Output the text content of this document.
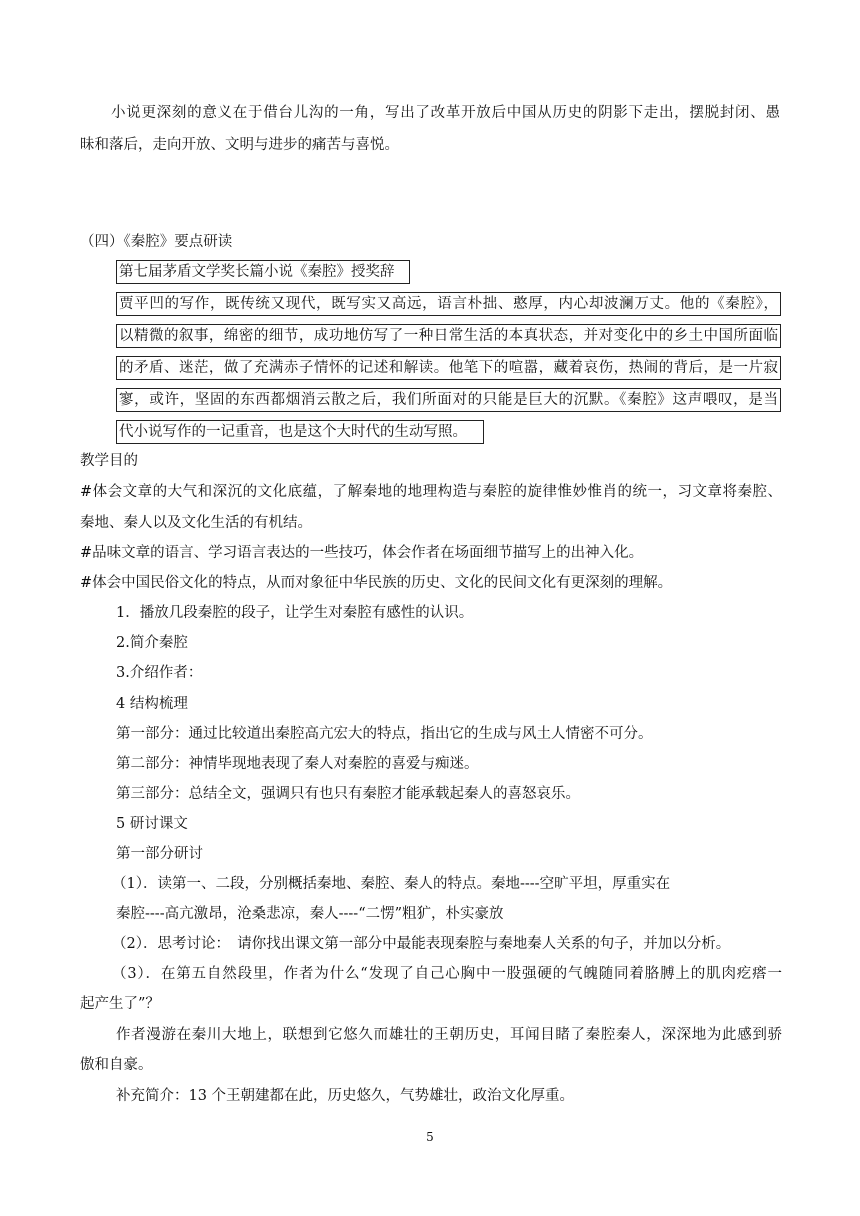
小说更深刻的意义在于借台儿沟的一角，写出了改革开放后中国从历史的阴影下走出，摆脱封闭、愚
昧和落后，走向开放、文明与进步的痛苦与喜悦。
（四）《秦腔》要点研读
第七届茅盾文学奖长篇小说《秦腔》授奖辞
贾平凹的写作，既传统又现代，既写实又高远，语言朴拙、憨厚，内心却波澜万丈。他的《秦腔》，
以精微的叙事，绵密的细节，成功地仿写了一种日常生活的本真状态，并对变化中的乡土中国所面临
的矛盾、迷茫，做了充满赤子情怀的记述和解读。他笔下的喧嚣，藏着哀伤，热闹的背后，是一片寂
寥，或许，坚固的东西都烟消云散之后，我们所面对的只能是巨大的沉默。《秦腔》这声喂叹，是当
代小说写作的一记重音，也是这个大时代的生动写照。
教学目的
#体会文章的大气和深沉的文化底蕴，了解秦地的地理构造与秦腔的旋律惟妙惟肖的统一，习文章将秦腔、
秦地、秦人以及文化生活的有机结。
#品味文章的语言、学习语言表达的一些技巧，体会作者在场面细节描写上的出神入化。
#体会中国民俗文化的特点，从而对象征中华民族的历史、文化的民间文化有更深刻的理解。
1．播放几段秦腔的段子，让学生对秦腔有感性的认识。
2.简介秦腔
3.介绍作者：
4 结构梳理
第一部分：通过比较道出秦腔高亢宏大的特点，指出它的生成与风土人情密不可分。
第二部分：神情毕现地表现了秦人对秦腔的喜爱与痴迷。
第三部分：总结全文，强调只有也只有秦腔才能承载起秦人的喜怒哀乐。
5 研讨课文
第一部分研讨
（1）．读第一、二段，分别概括秦地、秦腔、秦人的特点。秦地----空旷平坦，厚重实在
秦腔----高亢激昂，沧桑悲凉，秦人----“二愣”粗犷，朴实豪放
（2）．思考讨论：　请你找出课文第一部分中最能表现秦腔与秦地秦人关系的句子，并加以分析。
（3）．在第五自然段里，作者为什么“发现了自己心胸中一股强硬的气魄随同着胳膊上的肌肉疙瘩一
起产生了”？
作者漫游在秦川大地上，联想到它悠久而雄壮的王朝历史，耳闻目睹了秦腔秦人，深深地为此感到骄
傲和自豪。
补充简介：13 个王朝建都在此，历史悠久，气势雄壮，政治文化厚重。
5
